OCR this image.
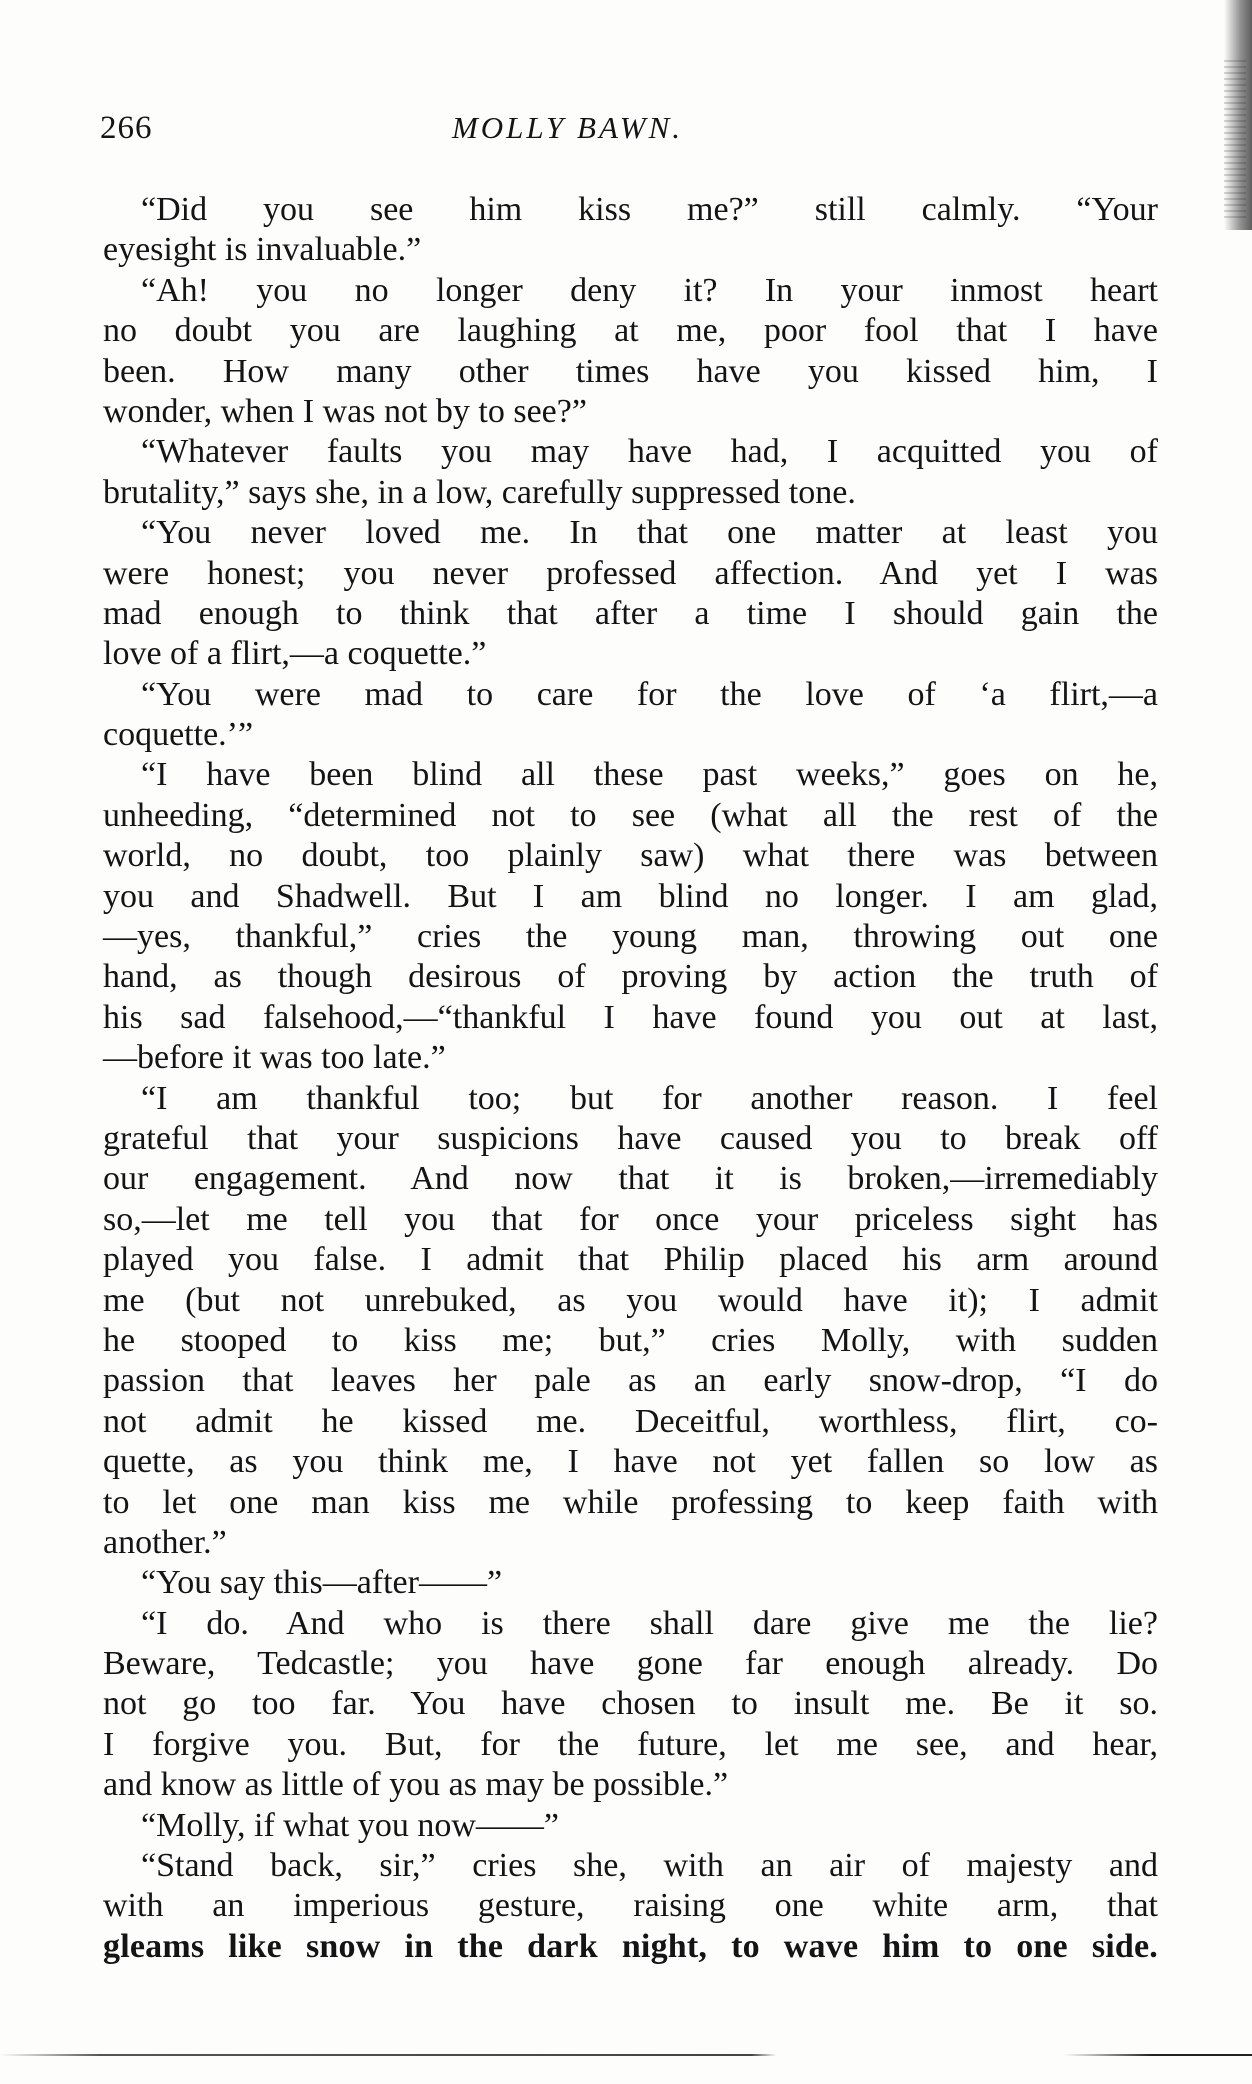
266	MOLLY BAWN.
“Did you see him kiss me?” still calmly. “Your
eyesight is invaluable.”
“Ah! you no longer deny it? In your inmost heart
no doubt you are laughing at me, poor fool that I have
been. How many other times have you kissed him, I
wonder, when I was not by to see?”
“Whatever faults you may have had, I acquitted you of
brutality,” says she, in a low, carefully suppressed tone.
“You never loved me. In that one matter at least you
were honest; you never professed affection. And yet I was
mad enough to think that after a time I should gain the
love of a flirt,—a coquette.”
“You were mad to care for the love of ‘a flirt,—a
coquette.’”
“I have been blind all these past weeks,” goes on he,
unheeding, “determined not to see (what all the rest of the
world, no doubt, too plainly saw) what there was between
you and Shadwell. But I am blind no longer. I am glad,
—yes, thankful,” cries the young man, throwing out one
hand, as though desirous of proving by action the truth of
his sad falsehood,—“thankful I have found you out at last,
—before it was too late.”
“I am thankful too; but for another reason. I feel
grateful that your suspicions have caused you to break off
our engagement. And now that it is broken,—irremediably
so,—let me tell you that for once your priceless sight has
played you false. I admit that Philip placed his arm around
me (but not unrebuked, as you would have it); I admit
he stooped to kiss me; but,” cries Molly, with sudden
passion that leaves her pale as an early snow-drop, “I do
not admit he kissed me. Deceitful, worthless, flirt, co-
quette, as you think me, I have not yet fallen so low as
to let one man kiss me while professing to keep faith with
another.”
“You say this—after——”
“I do. And who is there shall dare give me the lie?
Beware, Tedcastle; you have gone far enough already. Do
not go too far. You have chosen to insult me. Be it so.
I forgive you. But, for the future, let me see, and hear,
and know as little of you as may be possible.”
“Molly, if what you now——”
“Stand back, sir,” cries she, with an air of majesty and
with an imperious gesture, raising one white arm, that
gleams like snow in the dark night, to wave him to one side.
